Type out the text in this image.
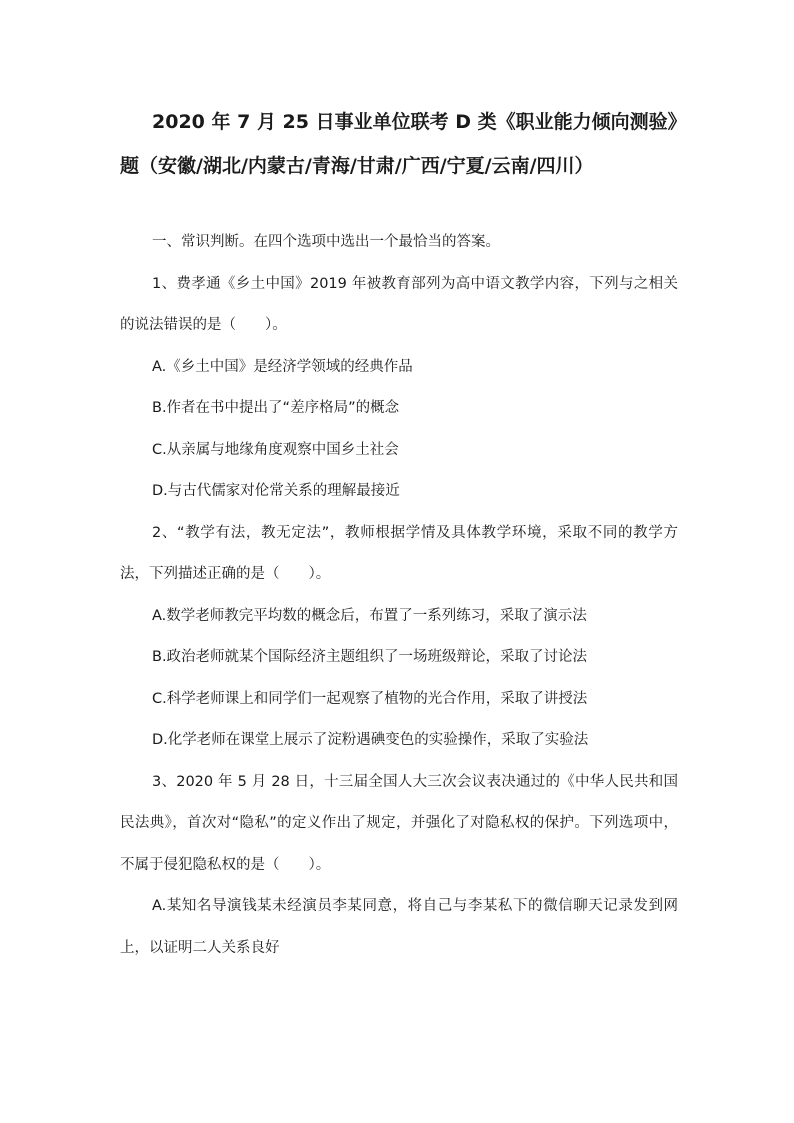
2020 年 7 月 25 日事业单位联考 D 类《职业能力倾向测验》题（安徽/湖北/内蒙古/青海/甘肃/广西/宁夏/云南/四川）

一、常识判断。在四个选项中选出一个最恰当的答案。

1、费孝通《乡土中国》2019 年被教育部列为高中语文教学内容，下列与之相关的说法错误的是（　　）。

A.《乡土中国》是经济学领域的经典作品

B.作者在书中提出了“差序格局”的概念

C.从亲属与地缘角度观察中国乡土社会

D.与古代儒家对伦常关系的理解最接近

2、“教学有法，教无定法”，教师根据学情及具体教学环境，采取不同的教学方法，下列描述正确的是（　　）。

A.数学老师教完平均数的概念后，布置了一系列练习，采取了演示法

B.政治老师就某个国际经济主题组织了一场班级辩论，采取了讨论法

C.科学老师课上和同学们一起观察了植物的光合作用，采取了讲授法

D.化学老师在课堂上展示了淀粉遇碘变色的实验操作，采取了实验法

3、2020 年 5 月 28 日，十三届全国人大三次会议表决通过的《中华人民共和国民法典》，首次对“隐私”的定义作出了规定，并强化了对隐私权的保护。下列选项中，不属于侵犯隐私权的是（　　）。

A.某知名导演钱某未经演员李某同意，将自己与李某私下的微信聊天记录发到网上，以证明二人关系良好
